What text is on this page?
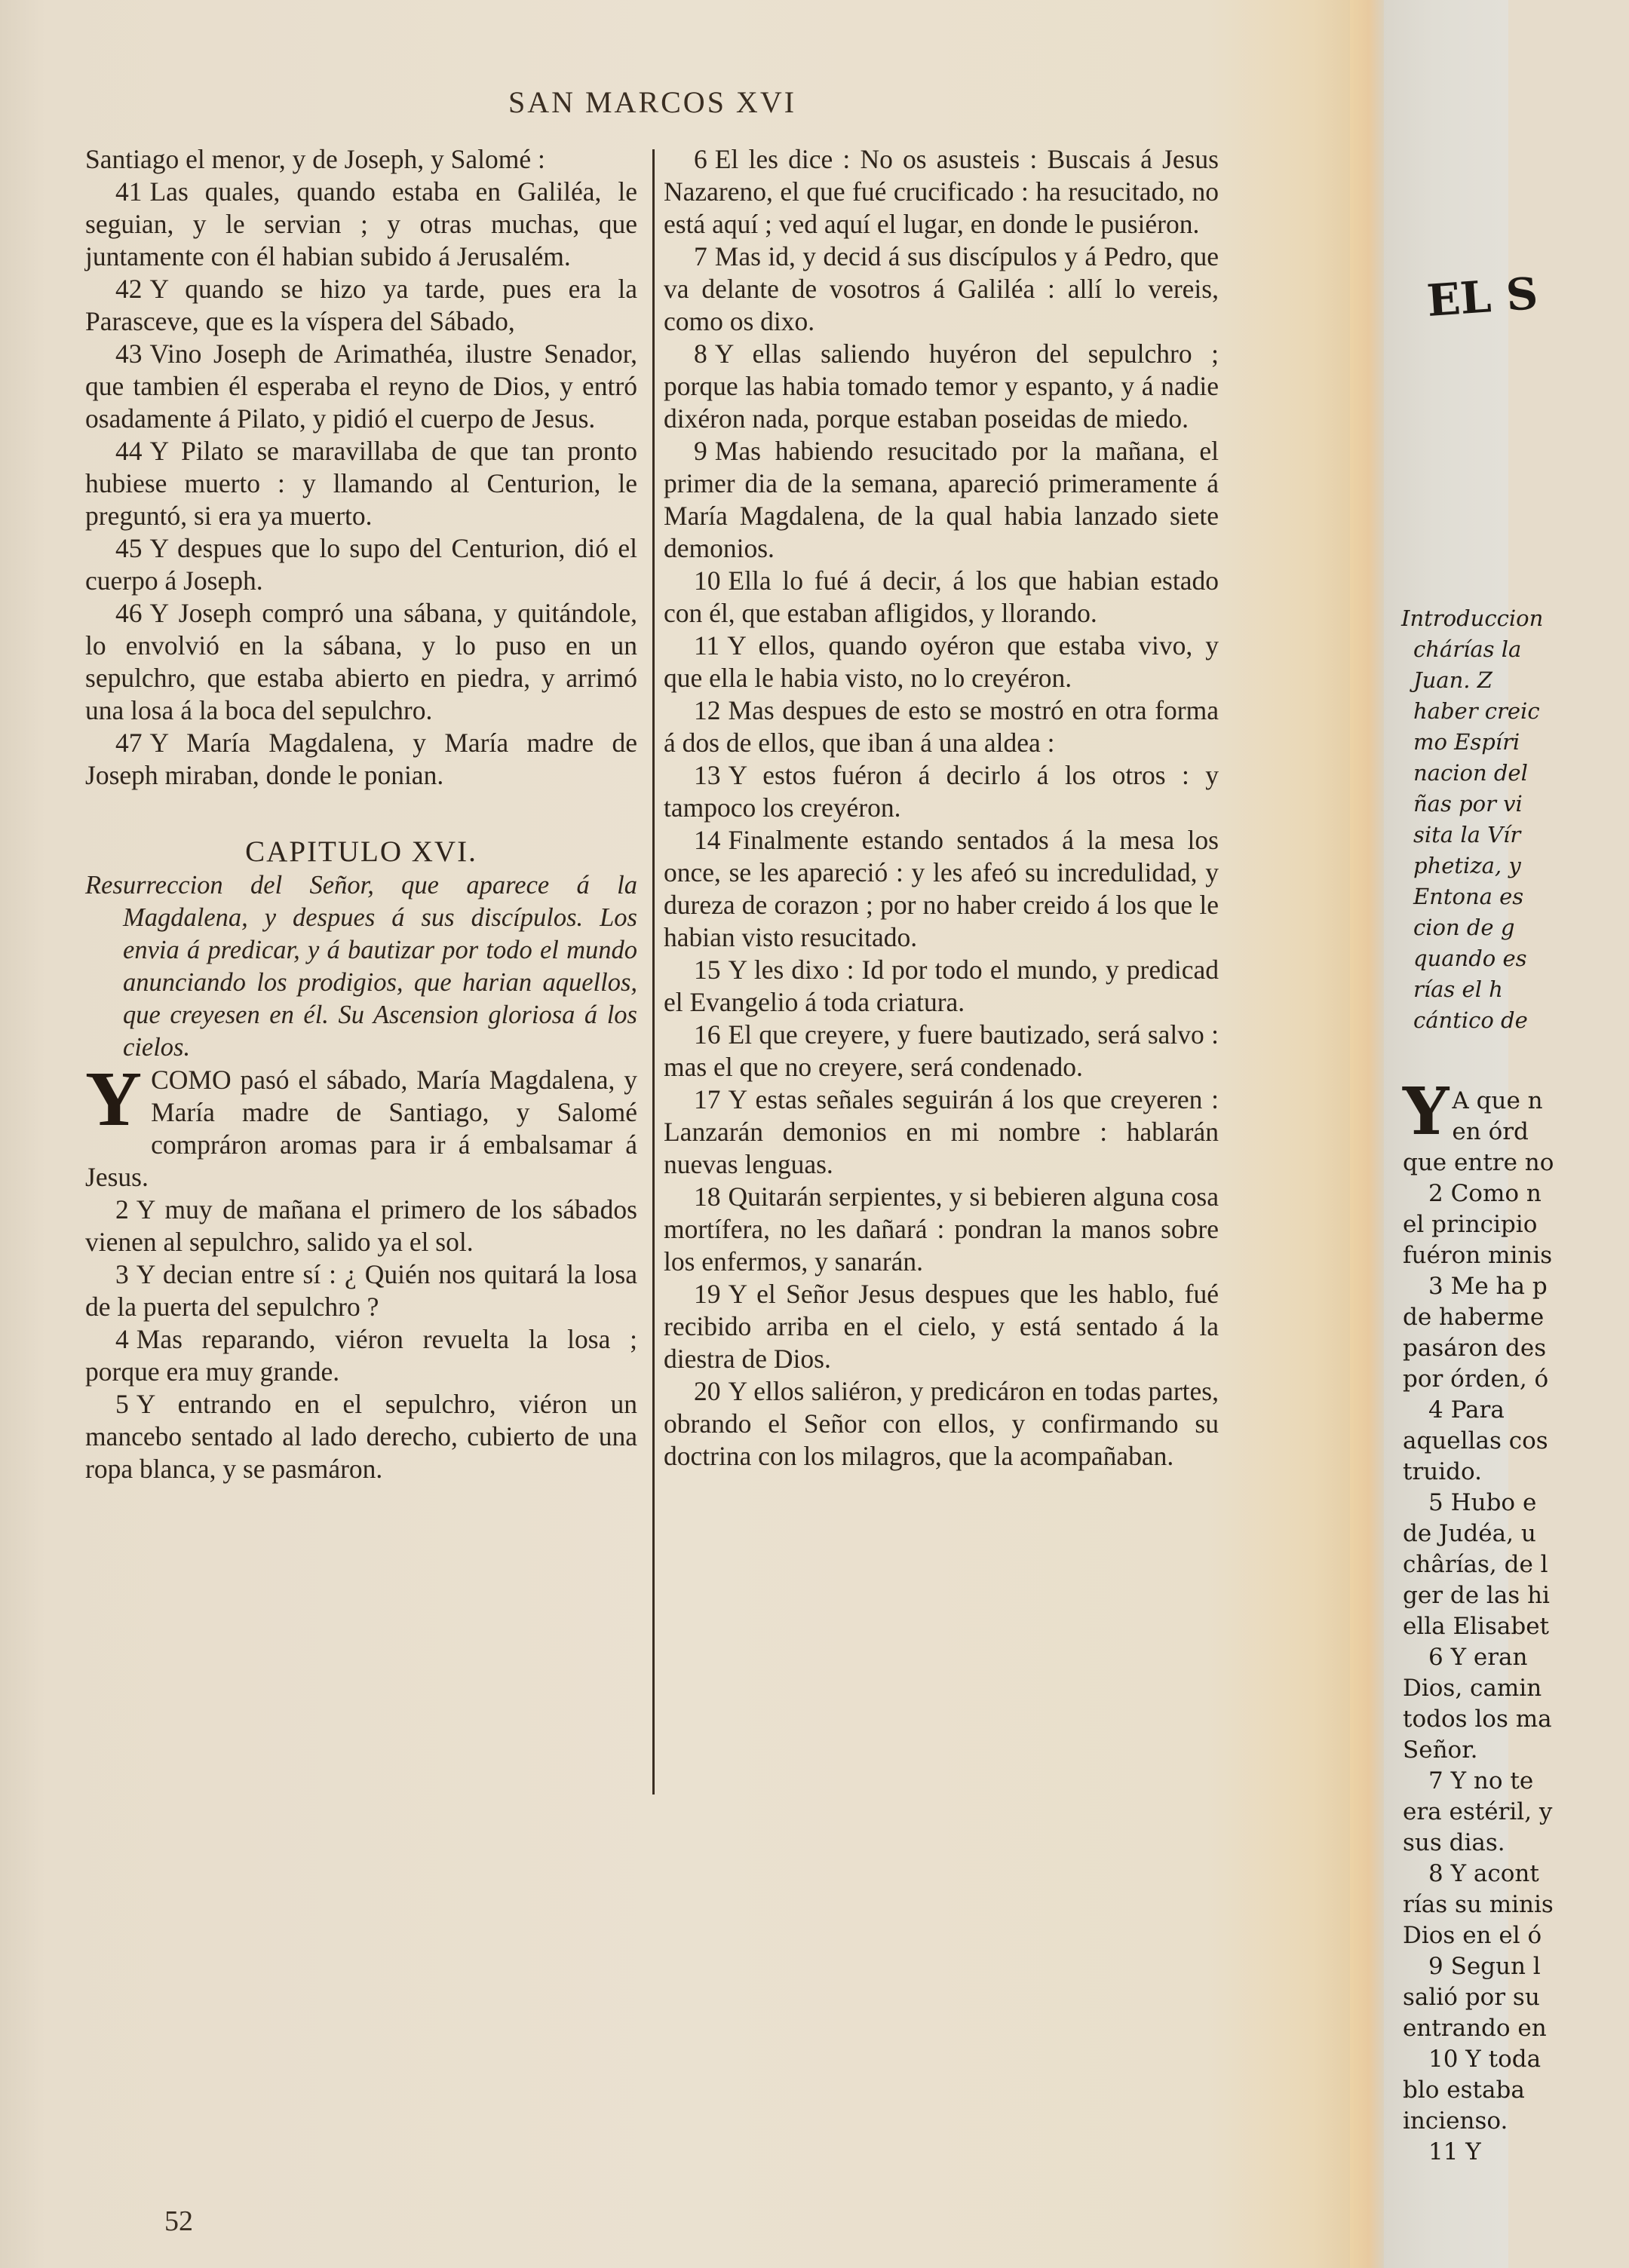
SAN MARCOS XVI

Santiago el menor, y de Joseph, y Salomé :

41 Las quales, quando estaba en Galiléa, le seguian, y le servian ; y otras muchas, que juntamente con él habian subido á Jerusalém.

42 Y quando se hizo ya tarde, pues era la Parasceve, que es la víspera del Sábado,

43 Vino Joseph de Arimathéa, ilustre Senador, que tambien él esperaba el reyno de Dios, y entró osadamente á Pilato, y pidió el cuerpo de Jesus.

44 Y Pilato se maravillaba de que tan pronto hubiese muerto : y llamando al Centurion, le preguntó, si era ya muerto.

45 Y despues que lo supo del Centurion, dió el cuerpo á Joseph.

46 Y Joseph compró una sábana, y quitándole, lo envolvió en la sábana, y lo puso en un sepulchro, que estaba abierto en piedra, y arrimó una losa á la boca del sepulchro.

47 Y María Magdalena, y María madre de Joseph miraban, donde le ponian.

CAPITULO XVI.

Resurreccion del Señor, que aparece á la Magdalena, y despues á sus discípulos. Los envia á predicar, y á bautizar por todo el mundo anunciando los prodigios, que harian aquellos, que creyesen en él. Su Ascension gloriosa á los cielos.

YCOMO pasó el sábado, María Magdalena, y María madre de Santiago, y Salomé compráron aromas para ir á embalsamar á Jesus.

2 Y muy de mañana el primero de los sábados vienen al sepulchro, salido ya el sol.

3 Y decian entre sí : ¿ Quién nos quitará la losa de la puerta del sepulchro ?

4 Mas reparando, viéron revuelta la losa ; porque era muy grande.

5 Y entrando en el sepulchro, viéron un mancebo sentado al lado derecho, cubierto de una ropa blanca, y se pasmáron.

6 El les dice : No os asusteis : Buscais á Jesus Nazareno, el que fué crucificado : ha resucitado, no está aquí ; ved aquí el lugar, en donde le pusiéron.

7 Mas id, y decid á sus discípulos y á Pedro, que va delante de vosotros á Galiléa : allí lo vereis, como os dixo.

8 Y ellas saliendo huyéron del sepulchro ; porque las habia tomado temor y espanto, y á nadie dixéron nada, porque estaban poseidas de miedo.

9 Mas habiendo resucitado por la mañana, el primer dia de la semana, apareció primeramente á María Magdalena, de la qual habia lanzado siete demonios.

10 Ella lo fué á decir, á los que habian estado con él, que estaban afligidos, y llorando.

11 Y ellos, quando oyéron que estaba vivo, y que ella le habia visto, no lo creyéron.

12 Mas despues de esto se mostró en otra forma á dos de ellos, que iban á una aldea :

13 Y estos fuéron á decirlo á los otros : y tampoco los creyéron.

14 Finalmente estando sentados á la mesa los once, se les apareció : y les afeó su incredulidad, y dureza de corazon ; por no haber creido á los que le habian visto resucitado.

15 Y les dixo : Id por todo el mundo, y predicad el Evangelio á toda criatura.

16 El que creyere, y fuere bautizado, será salvo : mas el que no creyere, será condenado.

17 Y estas señales seguirán á los que creyeren : Lanzarán demonios en mi nombre : hablarán nuevas lenguas.

18 Quitarán serpientes, y si bebieren alguna cosa mortífera, no les dañará : pondran la manos sobre los enfermos, y sanarán.

19 Y el Señor Jesus despues que les hablo, fué recibido arriba en el cielo, y está sentado á la diestra de Dios.

20 Y ellos saliéron, y predicáron en todas partes, obrando el Señor con ellos, y confirmando su doctrina con los milagros, que la acompañaban.

52
EL S
Introduccion
chárías la
Juan. Z
haber creic
mo Espíri
nacion del
ñas por vi
sita la Vír
phetiza, y
Entona es
cion de g
quando es
rías el h
cántico de
Y A que n
en órd
que entre no
2 Como n
el principio
fuéron minis
3 Me ha p
de haberme
pasáron des
por órden, ó
4 Para
aquellas cos
truido.
5 Hubo e
de Judéa, u
chârías, de l
ger de las hi
ella Elisabet
6 Y eran
Dios, camin
todos los ma
Señor.
7 Y no te
era estéril, y
sus dias.
8 Y acont
rías su minis
Dios en el ó
9 Segun l
salió por su
entrando en
10 Y toda
blo estaba
incienso.
11 Y
